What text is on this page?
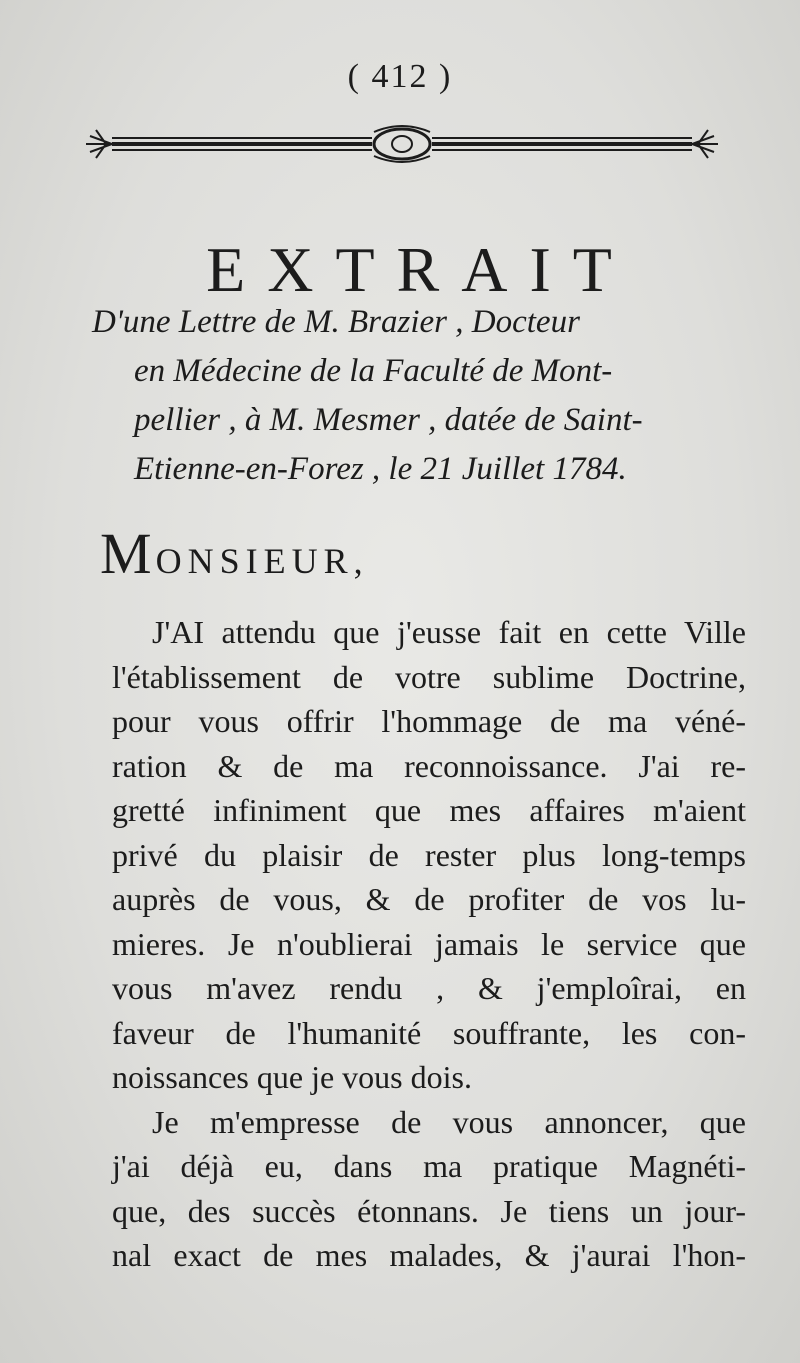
( 412 )
EXTRAIT
D'une Lettre de M. Brazier , Docteur
en Médecine de la Faculté de Mont-
pellier , à M. Mesmer , datée de Saint-
Etienne-en-Forez , le 21 Juillet 1784.
MONSIEUR,
J'AI attendu que j'eusse fait en cette Ville
l'établissement de votre sublime Doctrine,
pour vous offrir l'hommage de ma véné-
ration & de ma reconnoissance. J'ai re-
gretté infiniment que mes affaires m'aient
privé du plaisir de rester plus long-temps
auprès de vous, & de profiter de vos lu-
mieres. Je n'oublierai jamais le service que
vous m'avez rendu , & j'emploîrai, en
faveur de l'humanité souffrante, les con-
noissances que je vous dois.
Je m'empresse de vous annoncer, que
j'ai déjà eu, dans ma pratique Magnéti-
que, des succès étonnans. Je tiens un jour-
nal exact de mes malades, & j'aurai l'hon-
